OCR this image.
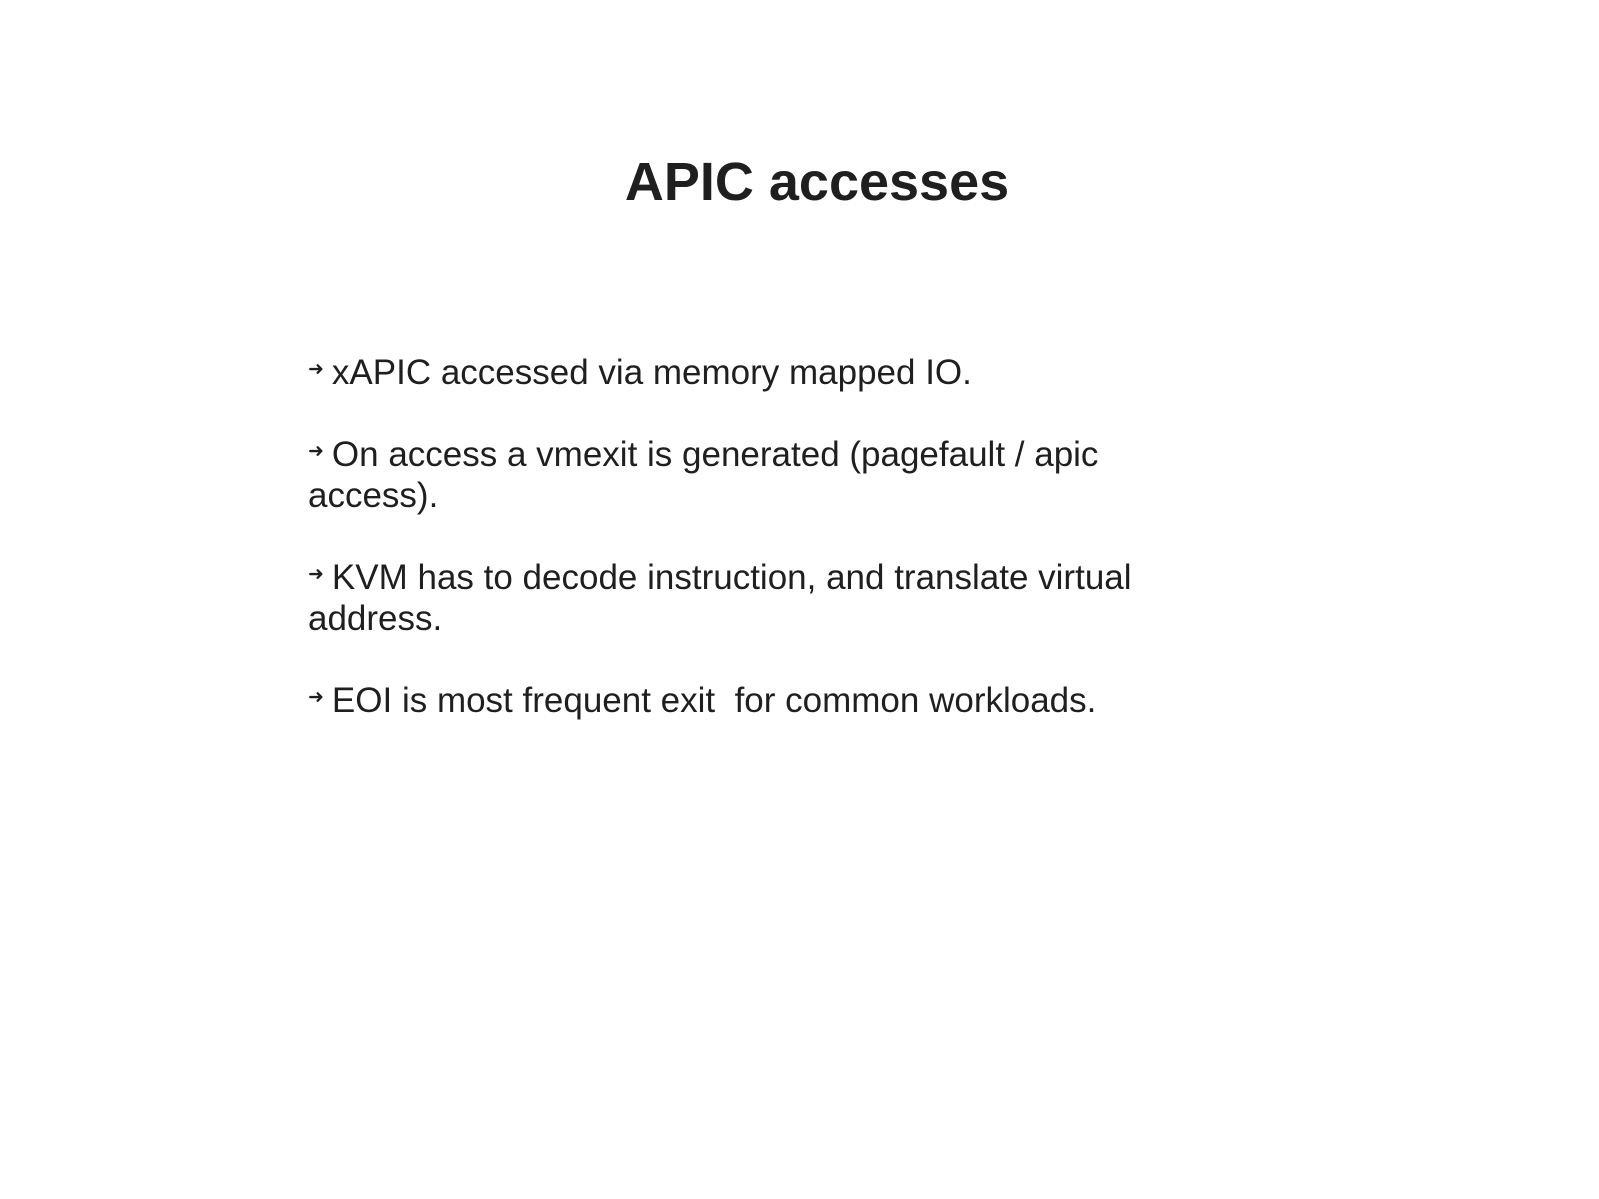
APIC accesses
➜ xAPIC accessed via memory mapped IO.
➜ On access a vmexit is generated (pagefault / apic access).
➜ KVM has to decode instruction, and translate virtual address.
➜ EOI is most frequent exit  for common workloads.
